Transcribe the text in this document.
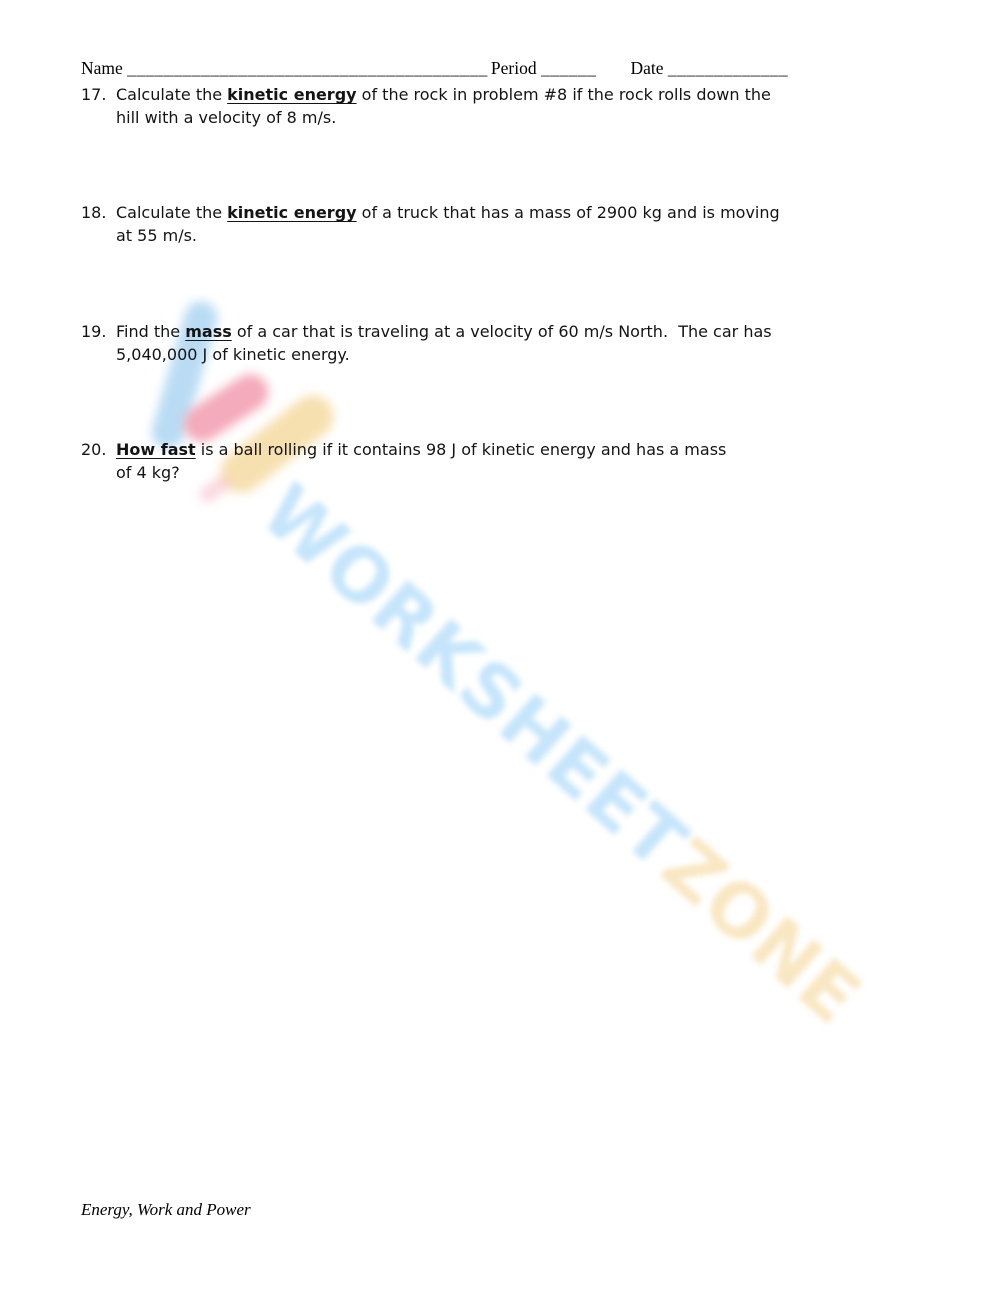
WORKSHEETZONE
Name _______________________________________ Period ______ Date _____________
17. Calculate the kinetic energy of the rock in problem #8 if the rock rolls down the
hill with a velocity of 8 m/s.
18. Calculate the kinetic energy of a truck that has a mass of 2900 kg and is moving
at 55 m/s.
19. Find the mass of a car that is traveling at a velocity of 60 m/s North.  The car has
5,040,000 J of kinetic energy.
20. How fast is a ball rolling if it contains 98 J of kinetic energy and has a mass
of 4 kg?
Energy, Work and Power
